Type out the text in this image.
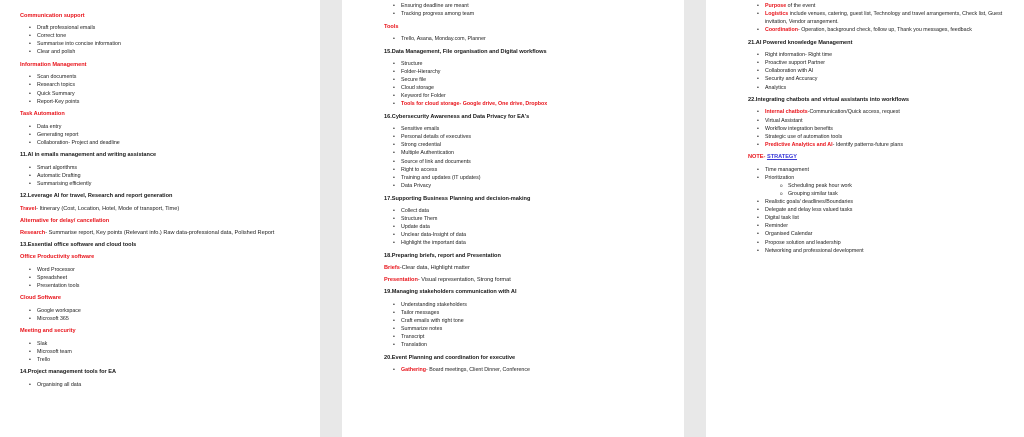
Communication support
• Draft professional emails
• Correct tone
• Summarise into concise information
• Clear and polish
Information Management
• Scan documents
• Research topics
• Quick Summary
• Report-Key points
Task Automation
• Data entry
• Generating report
• Collaboration- Project and deadline
11.AI in emails management and writing assistance
• Smart algorithms
• Automatic Drafting
• Summarising efficiently
12.Leverage AI for travel, Research and report generation
Travel- Itinerary (Cost, Location, Hotel, Mode of transport, Time)
Alternative for delay/ cancellation
Research- Summarise report, Key points (Relevant info.) Raw data-professional data, Polished Report
13.Essential office software and cloud tools
Office Productivity software
• Word Processor
• Spreadsheet
• Presentation tools
Cloud Software
• Google workspace
• Microsoft 365
Meeting and security
• Slak
• Microsoft team
• Trello
14.Project management tools for EA
• Organising all data
• Ensuring deadline are meant
• Tracking progress among team
Tools
• Trello, Asana, Monday.com, Planner
15.Data Management, File organisation and Digital workflows
• Structure
• Folder-Hierarchy
• Secure file
• Cloud storage
• Keyword for Folder
• Tools for cloud storage- Google drive, One drive, Dropbox
16.Cybersecurity Awareness and Data Privacy for EA's
• Sensitive emails
• Personal details of executives
• Strong credential
• Multiple Authentication
• Source of link and documents
• Right to access
• Training and updates (IT updates)
• Data Privacy
17.Supporting Business Planning and decision-making
• Collect data
• Structure Them
• Update data
• Unclear data-Insight of data
• Highlight the important data
18.Preparing briefs, report and Presentation
Briefs-Clear data, Highlight matter
Presentation- Visual representation, Strong format
19.Managing stakeholders communication with AI
• Understanding stakeholders
• Tailor messages
• Craft emails with right tone
• Summarize notes
• Transcript
• Translation
20.Event Planning and coordination for executive
• Gathering- Board meetings, Client Dinner, Conference
• Purpose of the event
• Logistics include venues, catering, guest list, Technology and travel arrangements, Check list, Guest invitation, Vendor arrangement.
• Coordination- Operation, background check, follow up, Thank you messages, feedback
21.AI Powered knowledge Management
• Right information- Right time
• Proactive support Partner
• Collaboration with AI
• Security and Accuracy
• Analytics
22.Integrating chatbots and virtual assistants into workflows
• Internal chatbots-Communication/Quick access, request
• Virtual Assistant
• Workflow integration benefits
• Strategic use of automation tools
• Predictive Analytics and AI- Identify patterns-future plans
NOTE- STRATEGY
• Time management
• Prioritization
o Scheduling peak hour work
o Grouping similar task
• Realistic goals/ deadlines/Boundaries
• Delegate and delay less valued tasks
• Digital task list
• Reminder
• Organised Calendar
• Propose solution and leadership
• Networking and professional development
